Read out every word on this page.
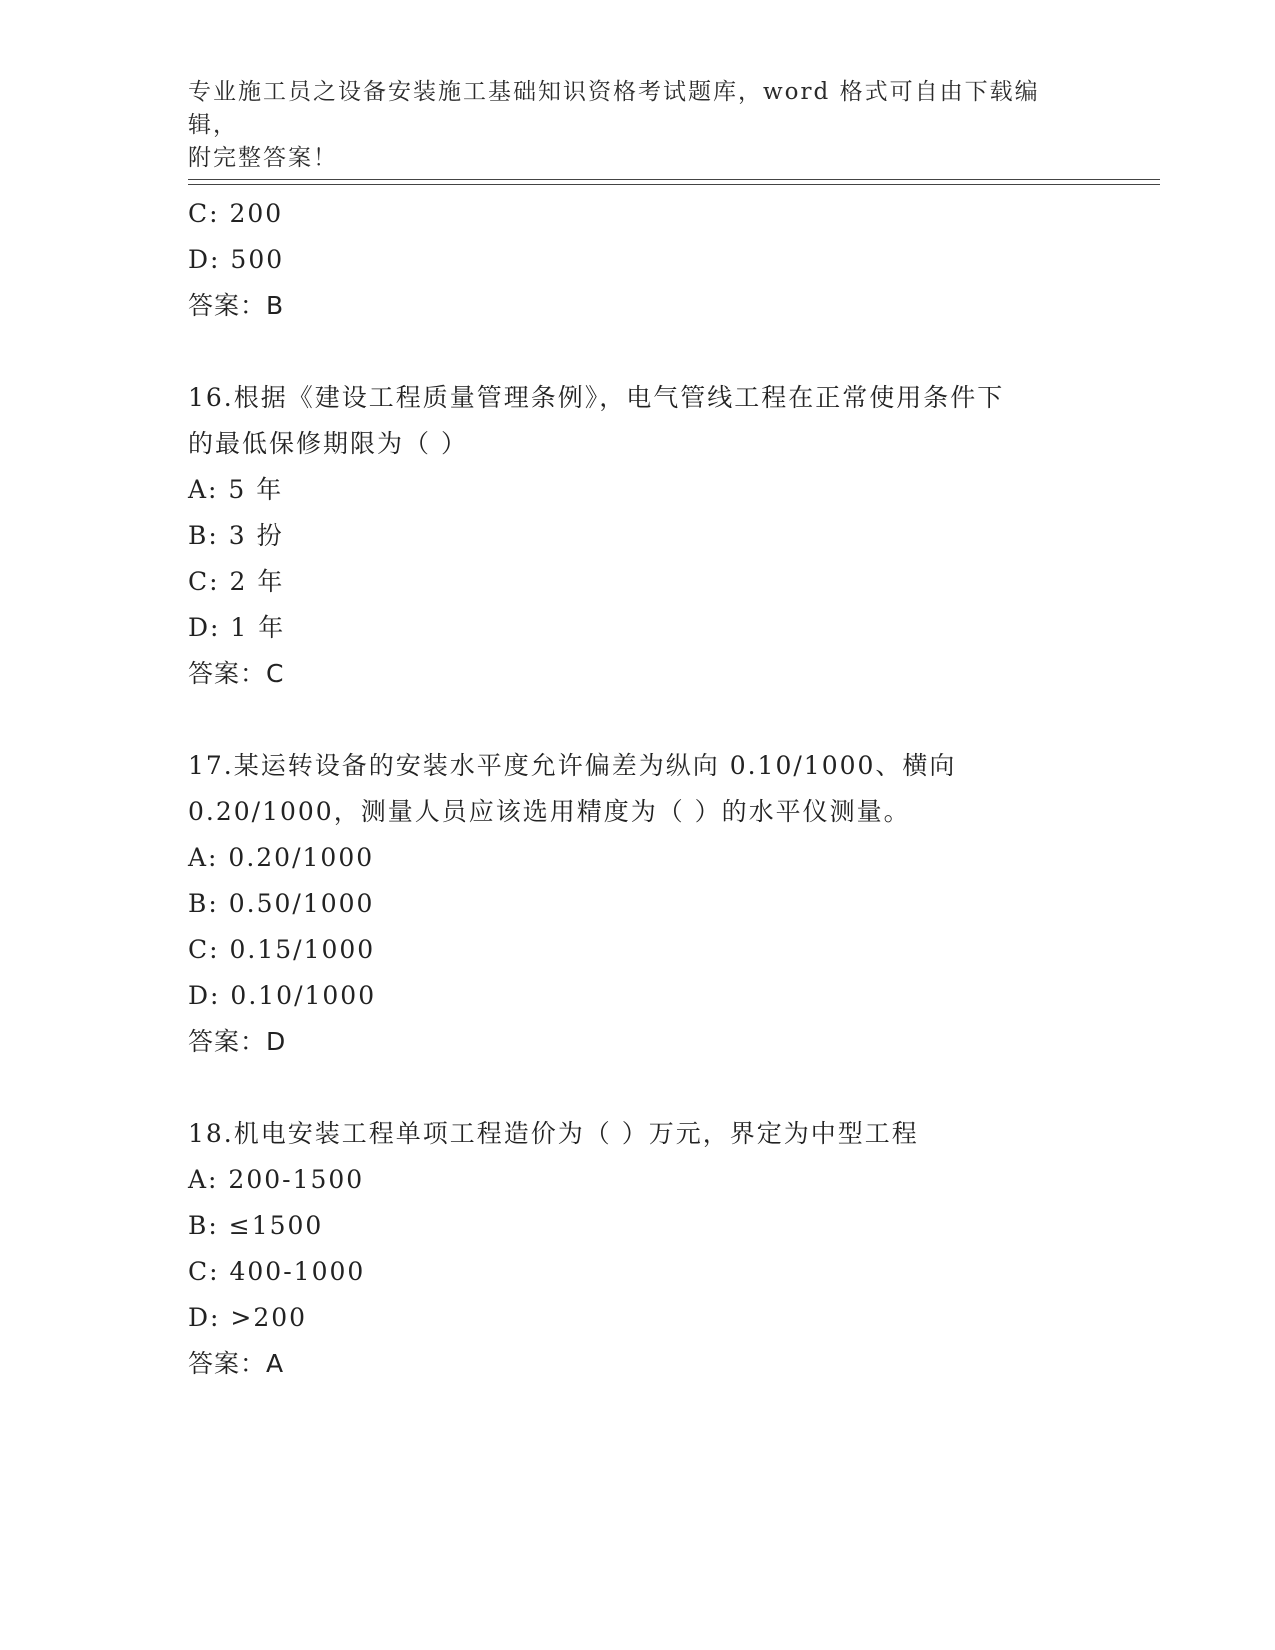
专业施工员之设备安装施工基础知识资格考试题库，word 格式可自由下载编辑，
附完整答案！
C: 200
D: 500
答案：B
16.根据《建设工程质量管理条例》，电气管线工程在正常使用条件下
的最低保修期限为（ ）
A: 5 年
B: 3 扮
C: 2 年
D: 1 年
答案：C
17.某运转设备的安装水平度允许偏差为纵向 0.10/1000、横向
0.20/1000，测量人员应该选用精度为（ ）的水平仪测量。
A: 0.20/1000
B: 0.50/1000
C: 0.15/1000
D: 0.10/1000
答案：D
18.机电安装工程单项工程造价为（ ）万元，界定为中型工程
A: 200-1500
B: ≤1500
C: 400-1000
D: >200
答案：A
